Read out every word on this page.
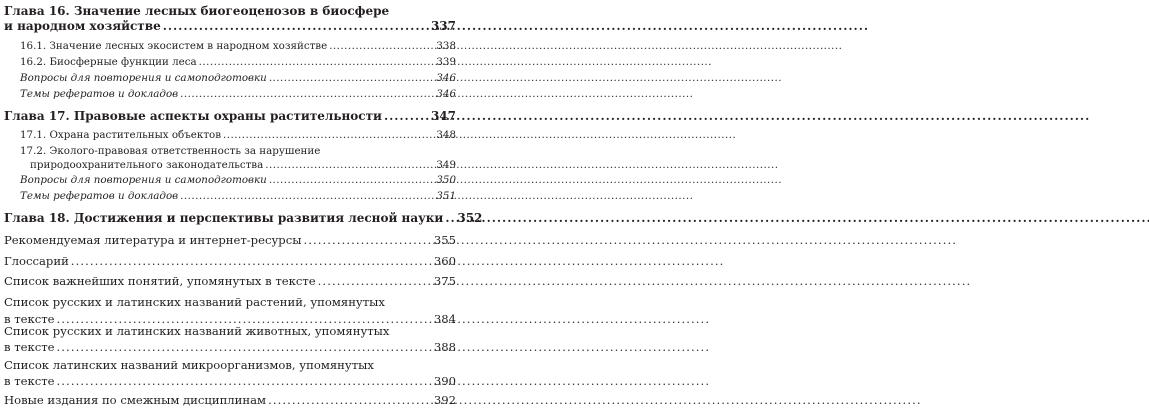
Глава 16. Значение лесных биогеоценозов в биосфере
и народном хозяйстве . . .	337
16.1. Значение лесных экосистем в народном хозяйстве . . .	338
16.2. Биосферные функции леса . . .	339
Вопросы для повторения и самоподготовки . . .	346
Темы рефератов и докладов . . .	346
Глава 17. Правовые аспекты охраны растительности . . .	347
17.1. Охрана растительных объектов . . .	348
17.2. Эколого-правовая ответственность за нарушение
природоохранительного законодательства . . .	349
Вопросы для повторения и самоподготовки . . .	350
Темы рефератов и докладов . . .	351
Глава 18. Достижения и перспективы развития лесной науки . . . 352
Рекомендуемая литература и интернет-ресурсы . . .	355
Глоссарий . . .	360
Список важнейших понятий, упомянутых в тексте . . .	375
Список русских и латинских названий растений, упомянутых
в тексте . . .	384
Список русских и латинских названий животных, упомянутых
в тексте . . .	388
Список латинских названий микроорганизмов, упомянутых
в тексте . . .	390
Новые издания по смежным дисциплинам . . .	392
